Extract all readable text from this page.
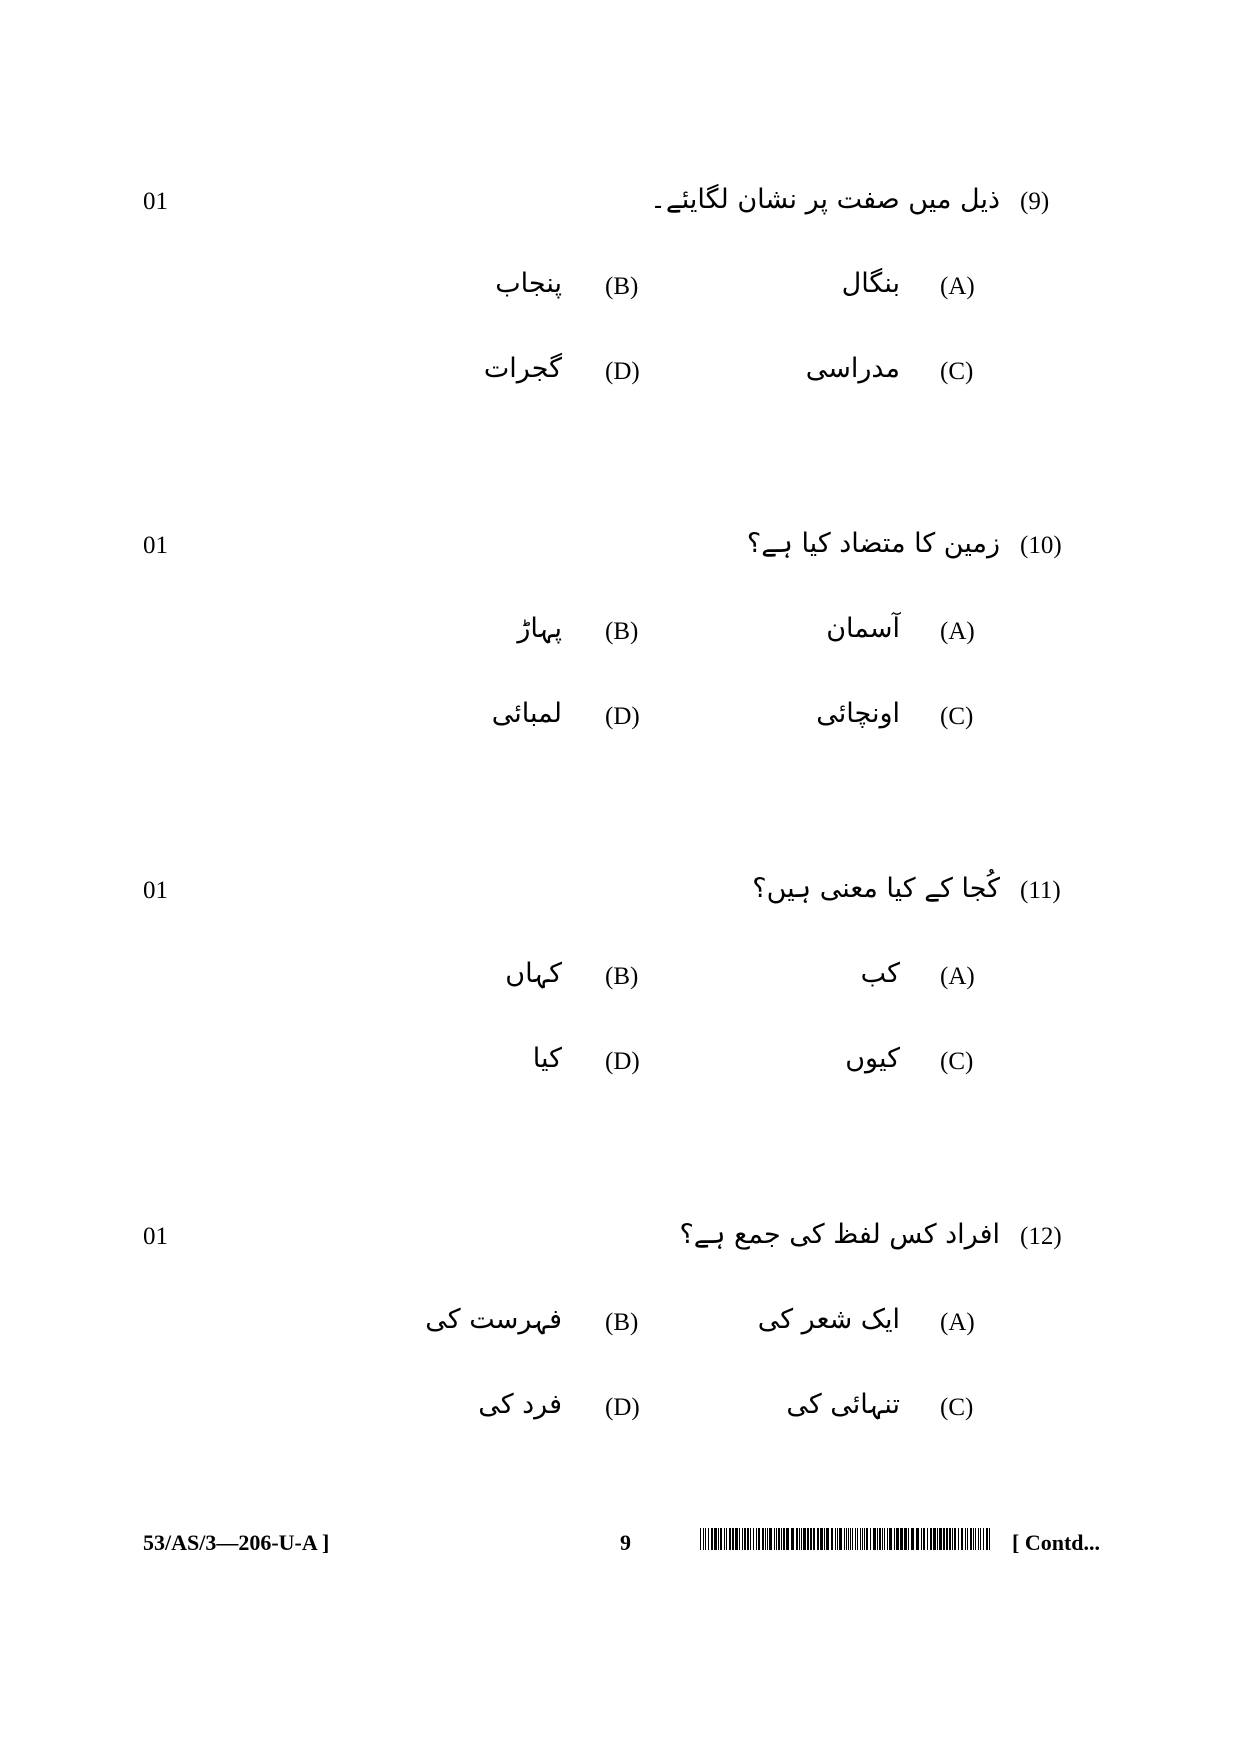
01	ذیل میں صفت پر نشان لگایئے۔ (9)
(A)
بنگال
(B)
پنجاب
(C)
مدراسی
(D)
گجرات
01	زمین کا متضاد کیا ہے؟ (10)
(A)
آسمان
(B)
پہاڑ
(C)
اونچائی
(D)
لمبائی
01	کُجا کے کیا معنی ہیں؟ (11)
(A)
کب
(B)
کہاں
(C)
کیوں
(D)
کیا
01	افراد کس لفظ کی جمع ہے؟ (12)
(A)
ایک شعر کی
(B)
فہرست کی
(C)
تنہائی کی
(D)
فرد کی
53/AS/3—206-U-A ]	9	[ Contd...
